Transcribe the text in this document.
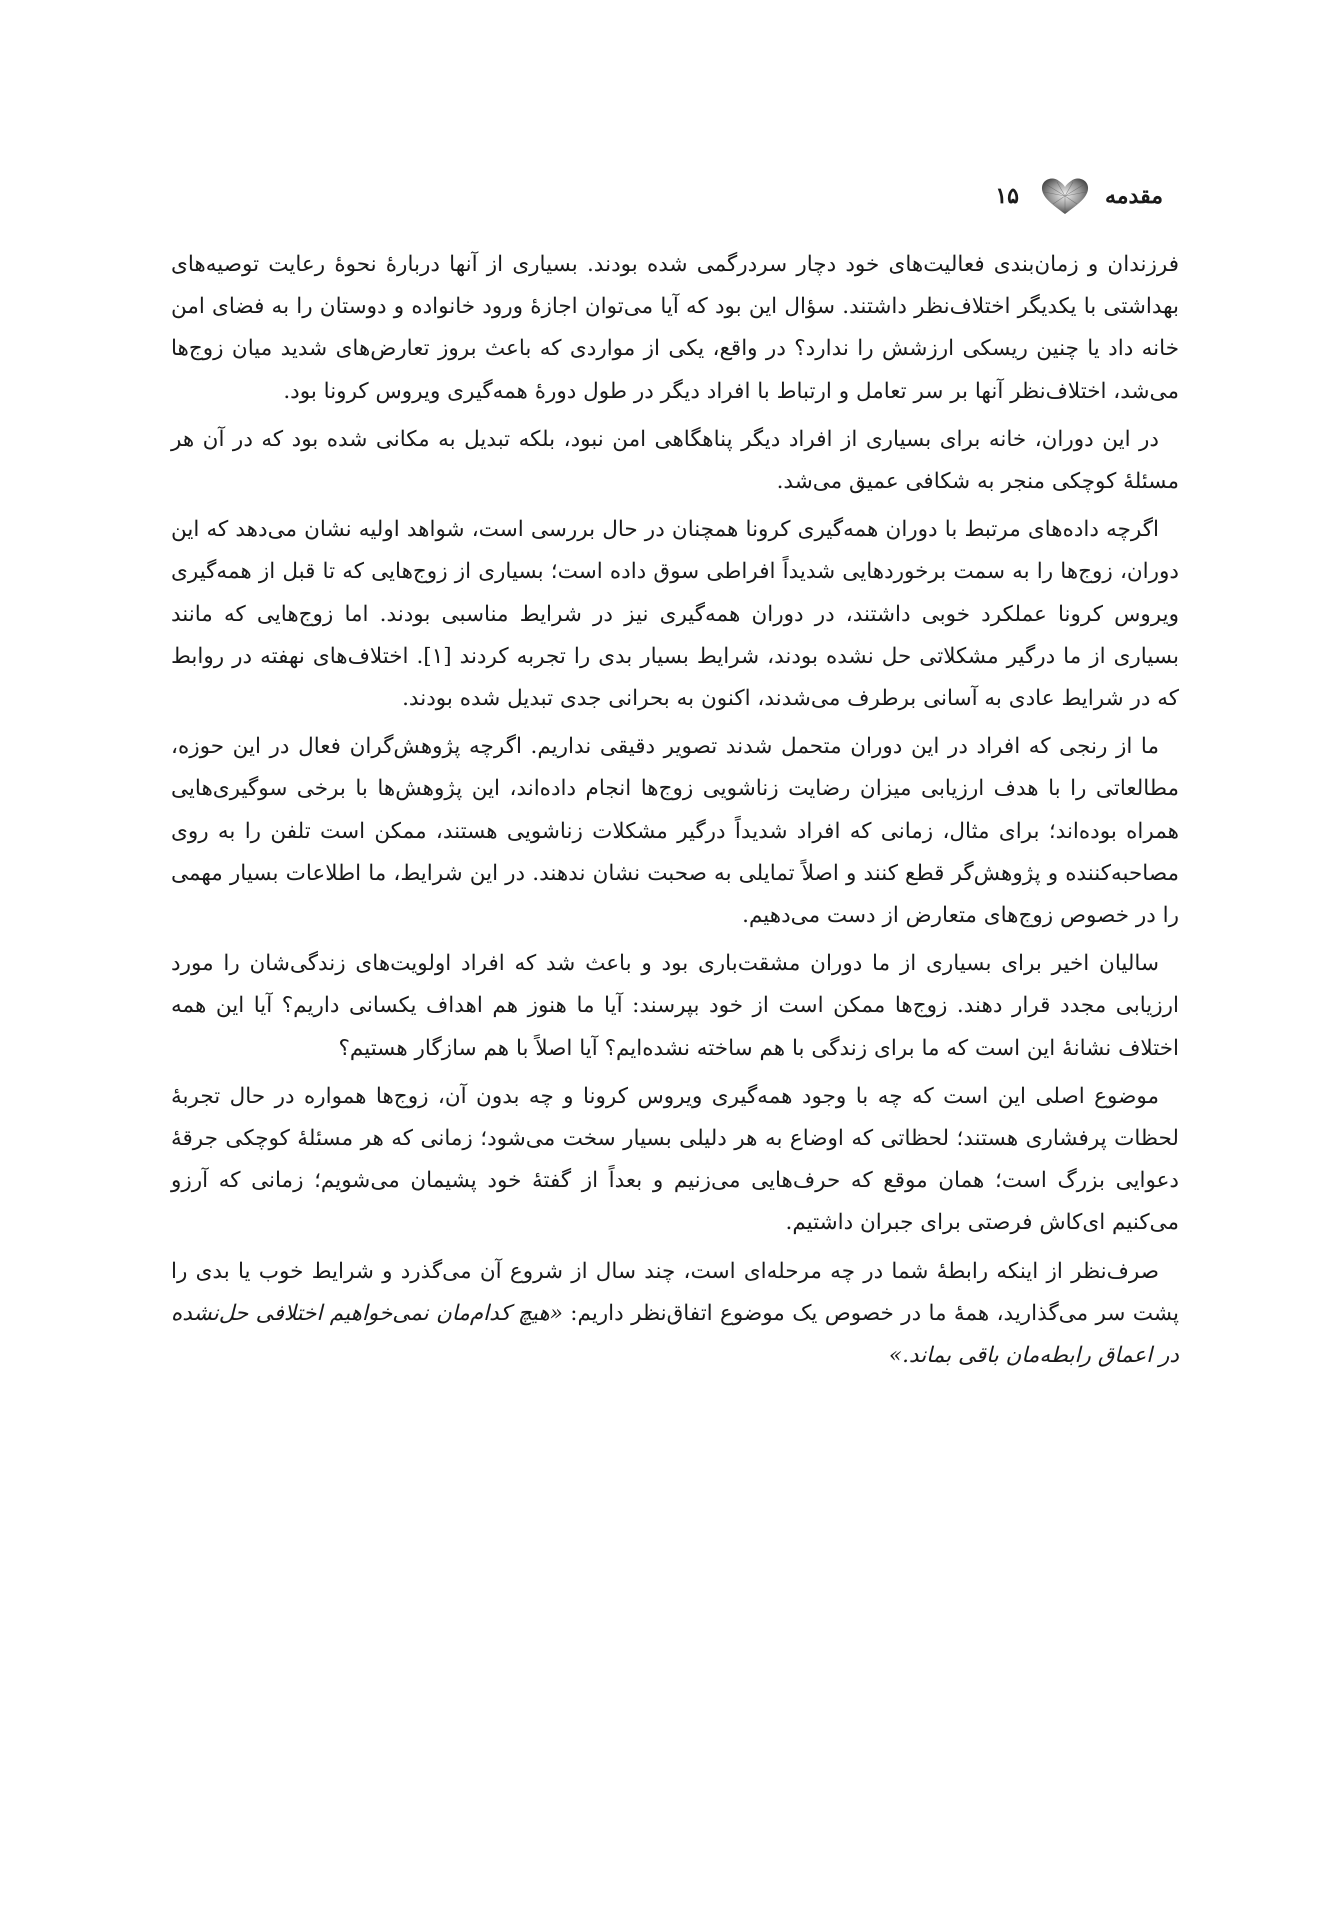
مقدمه
۱۵

فرزندان و زمان‌بندی فعالیت‌های خود دچار سردرگمی شده بودند. بسیاری از آنها دربارهٔ نحوهٔ رعایت توصیه‌های بهداشتی با یکدیگر اختلاف‌نظر داشتند. سؤال این بود که آیا می‌توان اجازهٔ ورود خانواده و دوستان را به فضای امن خانه داد یا چنین ریسکی ارزشش را ندارد؟ در واقع، یکی از مواردی که باعث بروز تعارض‌های شدید میان زوج‌ها می‌شد، اختلاف‌نظر آنها بر سر تعامل و ارتباط با افراد دیگر در طول دورهٔ همه‌گیری ویروس کرونا بود.

در این دوران، خانه برای بسیاری از افراد دیگر پناهگاهی امن نبود، بلکه تبدیل به مکانی شده بود که در آن هر مسئلهٔ کوچکی منجر به شکافی عمیق می‌شد.

اگرچه داده‌های مرتبط با دوران همه‌گیری کرونا همچنان در حال بررسی است، شواهد اولیه نشان می‌دهد که این دوران، زوج‌ها را به سمت برخوردهایی شدیداً افراطی سوق داده است؛ بسیاری از زوج‌هایی که تا قبل از همه‌گیری ویروس کرونا عملکرد خوبی داشتند، در دوران همه‌گیری نیز در شرایط مناسبی بودند. اما زوج‌هایی که مانند بسیاری از ما درگیر مشکلاتی حل نشده بودند، شرایط بسیار بدی را تجربه کردند [۱]. اختلاف‌های نهفته در روابط که در شرایط عادی به آسانی برطرف می‌شدند، اکنون به بحرانی جدی تبدیل شده بودند.

ما از رنجی که افراد در این دوران متحمل شدند تصویر دقیقی نداریم. اگرچه پژوهش‌گران فعال در این حوزه، مطالعاتی را با هدف ارزیابی میزان رضایت زناشویی زوج‌ها انجام داده‌اند، این پژوهش‌ها با برخی سوگیری‌هایی همراه بوده‌اند؛ برای مثال، زمانی که افراد شدیداً درگیر مشکلات زناشویی هستند، ممکن است تلفن را به روی مصاحبه‌کننده و پژوهش‌گر قطع کنند و اصلاً تمایلی به صحبت نشان ندهند. در این شرایط، ما اطلاعات بسیار مهمی را در خصوص زوج‌های متعارض از دست می‌دهیم.

سالیان اخیر برای بسیاری از ما دوران مشقت‌باری بود و باعث شد که افراد اولویت‌های زندگی‌شان را مورد ارزیابی مجدد قرار دهند. زوج‌ها ممکن است از خود بپرسند: آیا ما هنوز هم اهداف یکسانی داریم؟ آیا این همه اختلاف نشانهٔ این است که ما برای زندگی با هم ساخته نشده‌ایم؟ آیا اصلاً با هم سازگار هستیم؟

موضوع اصلی این است که چه با وجود همه‌گیری ویروس کرونا و چه بدون آن، زوج‌ها همواره در حال تجربهٔ لحظات پرفشاری هستند؛ لحظاتی که اوضاع به هر دلیلی بسیار سخت می‌شود؛ زمانی که هر مسئلهٔ کوچکی جرقهٔ دعوایی بزرگ است؛ همان موقع که حرف‌هایی می‌زنیم و بعداً از گفتهٔ خود پشیمان می‌شویم؛ زمانی که آرزو می‌کنیم ای‌کاش فرصتی برای جبران داشتیم.

صرف‌نظر از اینکه رابطهٔ شما در چه مرحله‌ای است، چند سال از شروع آن می‌گذرد و شرایط خوب یا بدی را پشت سر می‌گذارید، همهٔ ما در خصوص یک موضوع اتفاق‌نظر داریم: «هیچ کدام‌مان نمی‌خواهیم اختلافی حل‌نشده در اعماق رابطه‌مان باقی بماند.»
